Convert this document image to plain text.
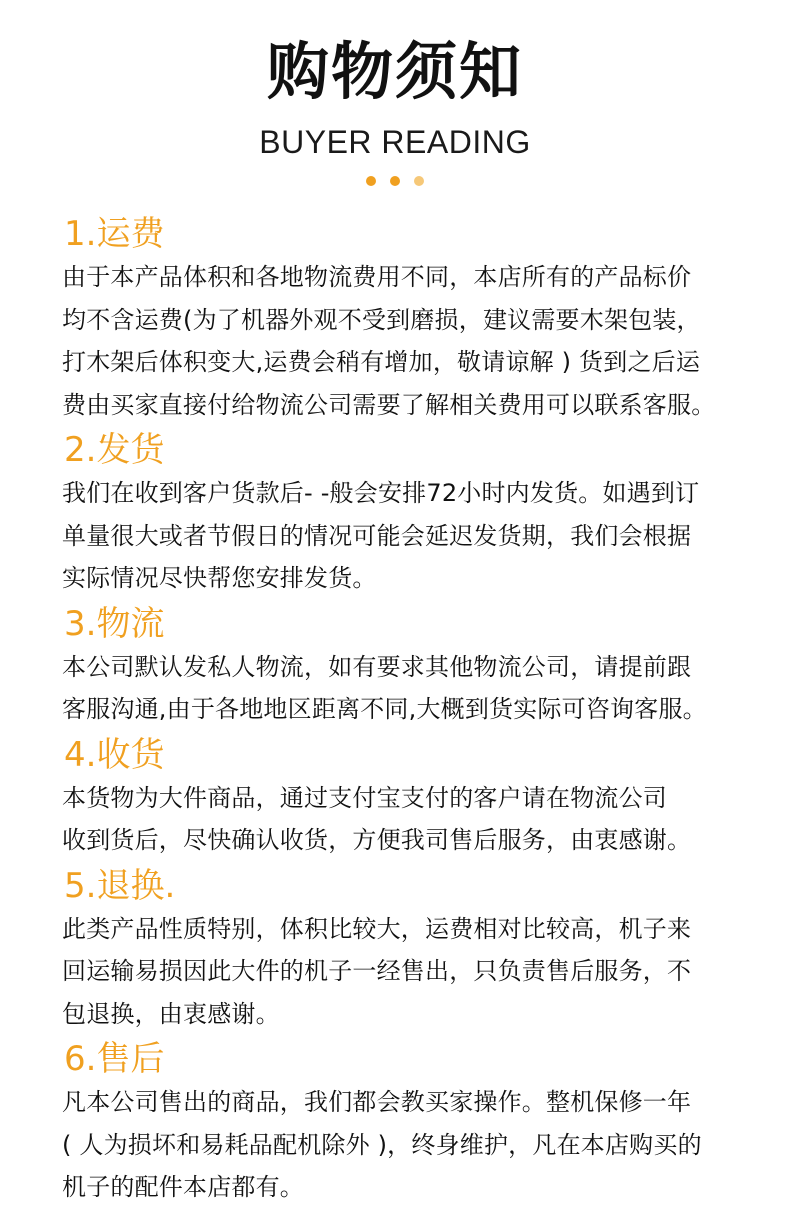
购物须知
BUYER READING
1.运费
由于本产品体积和各地物流费用不同，本店所有的产品标价
均不含运费(为了机器外观不受到磨损，建议需要木架包装，
打木架后体积变大,运费会稍有增加，敬请谅解 ) 货到之后运
费由买家直接付给物流公司需要了解相关费用可以联系客服。
2.发货
我们在收到客户货款后- -般会安排72小时内发货。如遇到订
单量很大或者节假日的情况可能会延迟发货期，我们会根据
实际情况尽快帮您安排发货。
3.物流
本公司默认发私人物流，如有要求其他物流公司，请提前跟
客服沟通,由于各地地区距离不同,大概到货实际可咨询客服。
4.收货
本货物为大件商品，通过支付宝支付的客户请在物流公司
收到货后，尽快确认收货，方便我司售后服务，由衷感谢。
5.退换.
此类产品性质特别，体积比较大，运费相对比较高，机子来
回运输易损因此大件的机子一经售出，只负责售后服务，不
包退换，由衷感谢。
6.售后
凡本公司售出的商品，我们都会教买家操作。整机保修一年
( 人为损坏和易耗品配机除外 )，终身维护，凡在本店购买的
机子的配件本店都有。
